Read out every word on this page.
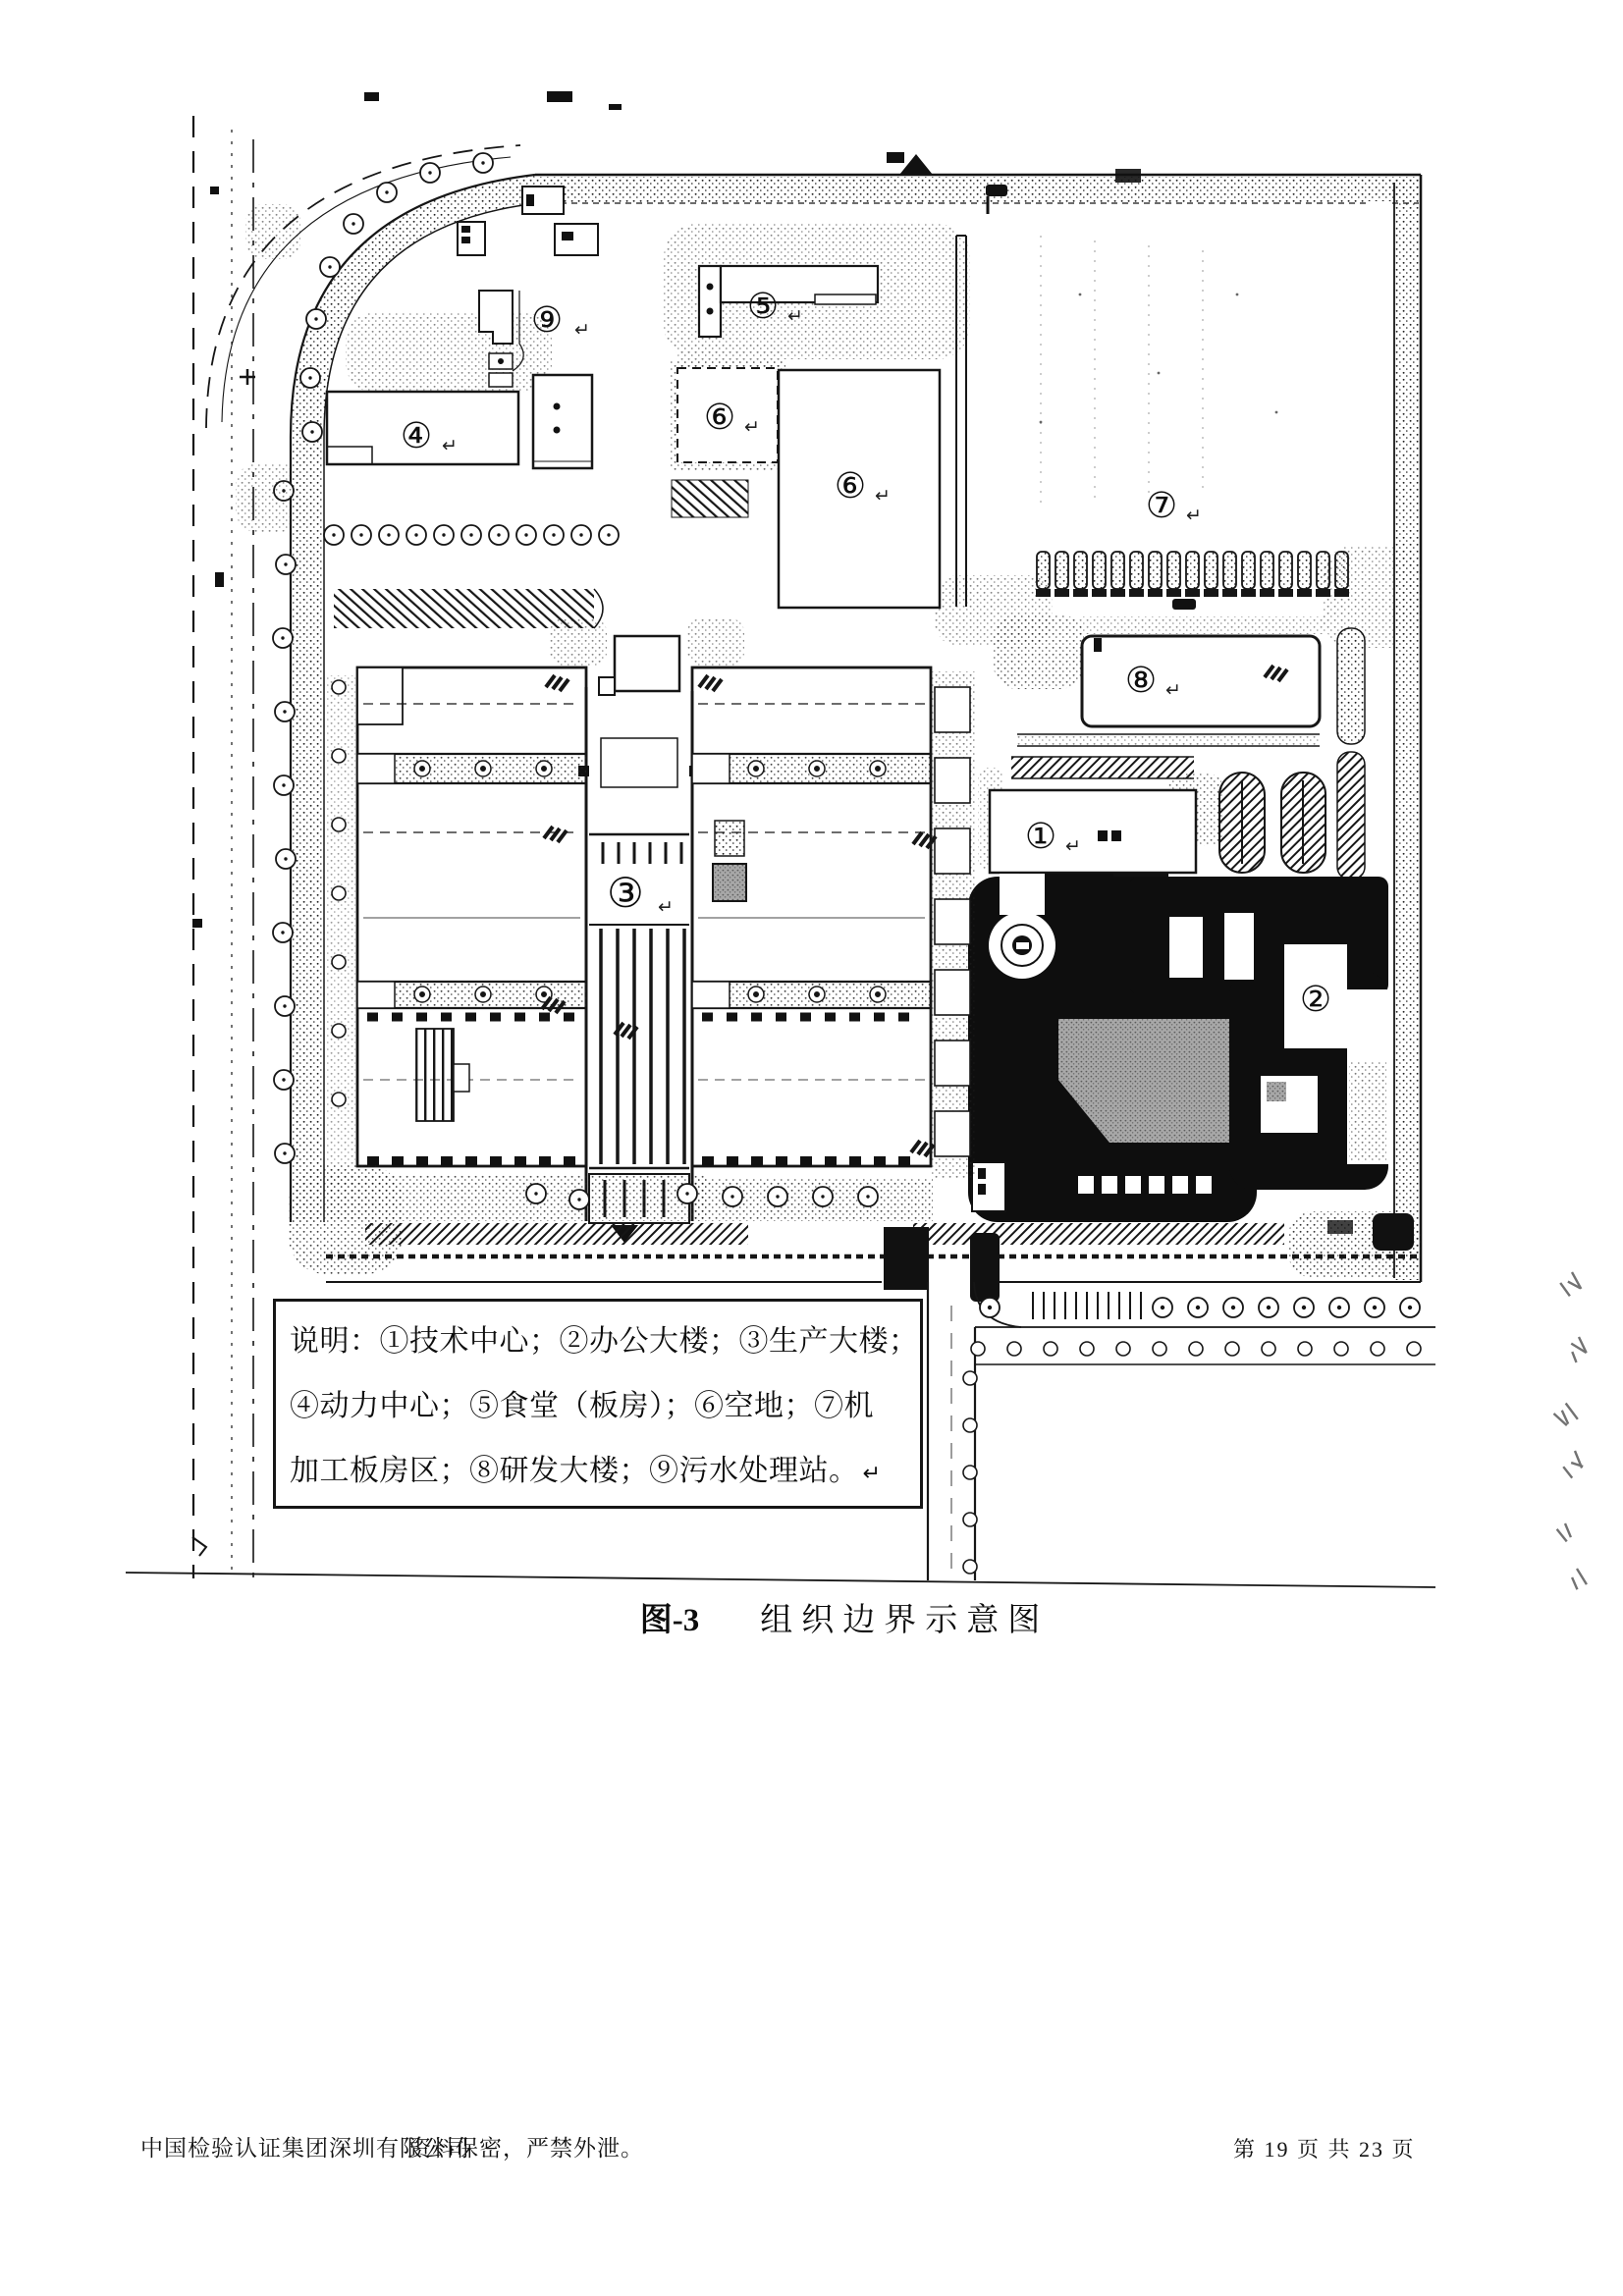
⑨ ↵
④ ↵
⑤ ↵
⑥ ↵
⑥ ↵	⑦ ↵
⑧ ↵
① ↵
②
③ ↵
说明：①技术中心；②办公大楼；③生产大楼；
④动力中心；⑤食堂（板房）；⑥空地；⑦机
加工板房区；⑧研发大楼；⑨污水处理站。 ↵
图-3 组织边界示意图
中国检验认证集团深圳有限公司
资料保密，严禁外泄。	第 19 页 共 23 页
